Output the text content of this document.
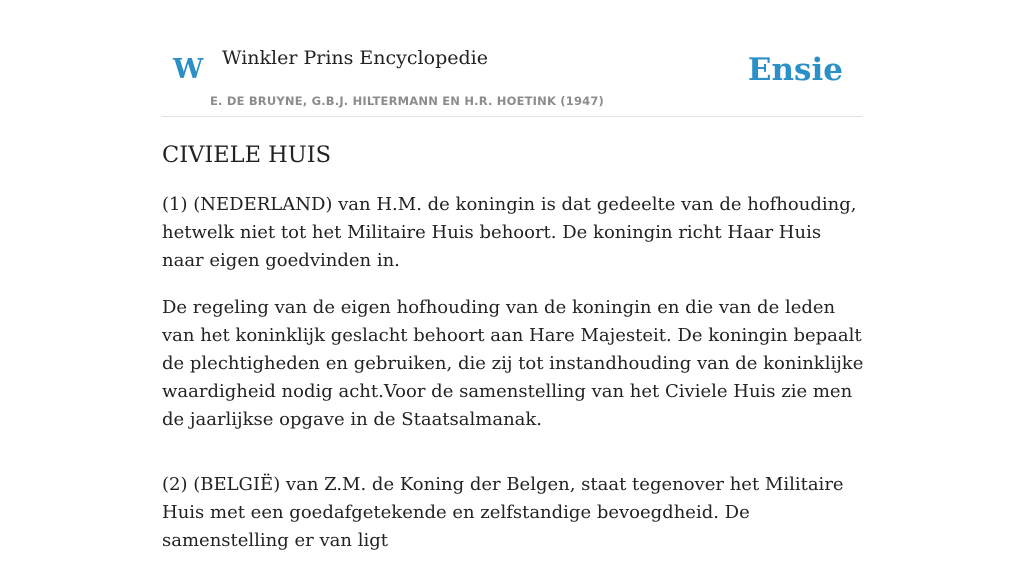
W Winkler Prins Encyclopedie
E. DE BRUYNE, G.B.J. HILTERMANN EN H.R. HOETINK (1947)
Ensie
CIVIELE HUIS

(1) (NEDERLAND) van H.M. de koningin is dat gedeelte van de hofhouding, hetwelk niet tot het Militaire Huis behoort. De koningin richt Haar Huis naar eigen goedvinden in.

De regeling van de eigen hofhouding van de koningin en die van de leden van het koninklijk geslacht behoort aan Hare Majesteit. De koningin bepaalt de plechtigheden en gebruiken, die zij tot instandhouding van de koninklijke waardigheid nodig acht.Voor de samenstelling van het Civiele Huis zie men de jaarlijkse opgave in de Staatsalmanak.

(2) (BELGIË) van Z.M. de Koning der Belgen, staat tegenover het Militaire Huis met een goedafgetekende en zelfstandige bevoegdheid. De samenstelling er van ligt
